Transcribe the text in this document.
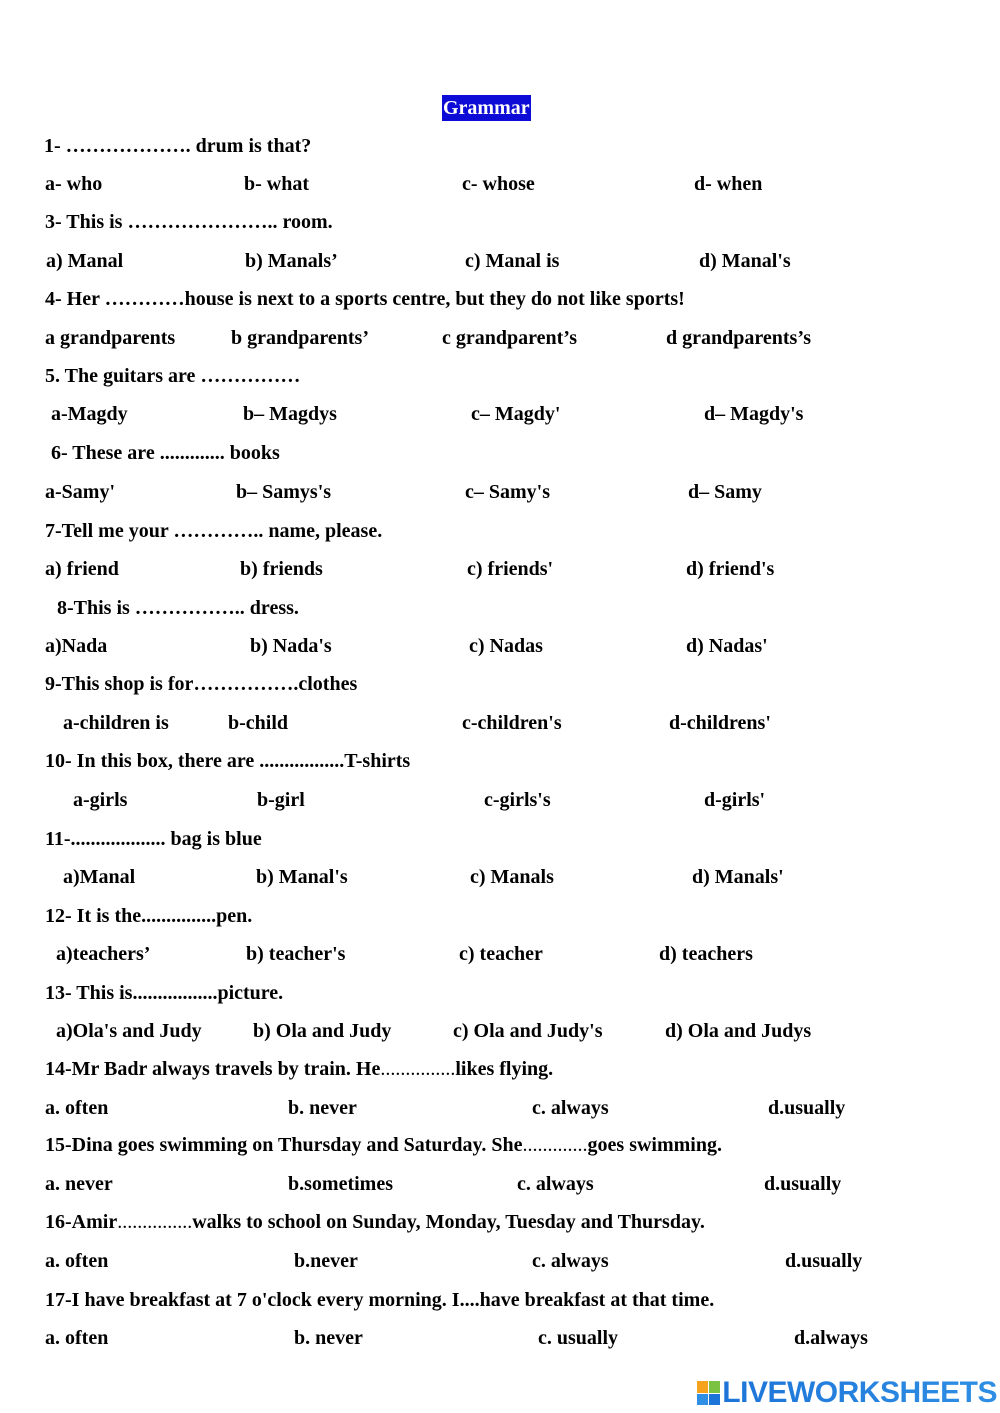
Grammar
1- ………………. drum is that?
a- who	b- what	c- whose	d- when
3- This is ………………….. room.
a) Manal	b) Manals’	c) Manal is	d) Manal's
4- Her …………house is next to a sports centre, but they do not like sports!
a grandparents	b grandparents’	c grandparent’s	d grandparents’s
5. The guitars are ……………
a-Magdy	b– Magdys	c– Magdy'	d– Magdy's
6- These are ............. books
a-Samy'	b– Samys's	c– Samy's	d– Samy
7-Tell me your ………….. name, please.
a) friend	b) friends	c) friends'	d) friend's
8-This is …………….. dress.
a)Nada	b) Nada's	c) Nadas	d) Nadas'
9-This shop is for…………….clothes
a-children is	b-child	c-children's	d-childrens'
10- In this box, there are .................T-shirts
a-girls	b-girl	c-girls's	d-girls'
11-................... bag is blue
a)Manal	b) Manal's	c) Manals	d) Manals'
12- It is the...............pen.
a)teachers’	b) teacher's	c) teacher	d) teachers
13- This is.................picture.
a)Ola's and Judy	b) Ola and Judy	c) Ola and Judy's	d) Ola and Judys
14-Mr Badr always travels by train. He...............likes flying.
a. often	b. never	c. always	d.usually
15-Dina goes swimming on Thursday and Saturday. She.............goes swimming.
a. never	b.sometimes	c. always	d.usually
16-Amir...............walks to school on Sunday, Monday, Tuesday and Thursday.
a. often	b.never	c. always	d.usually
17-I have breakfast at 7 o'clock every morning. I....have breakfast at that time.
a. often	b. never	c. usually	d.always
LIVEWORKSHEETS
